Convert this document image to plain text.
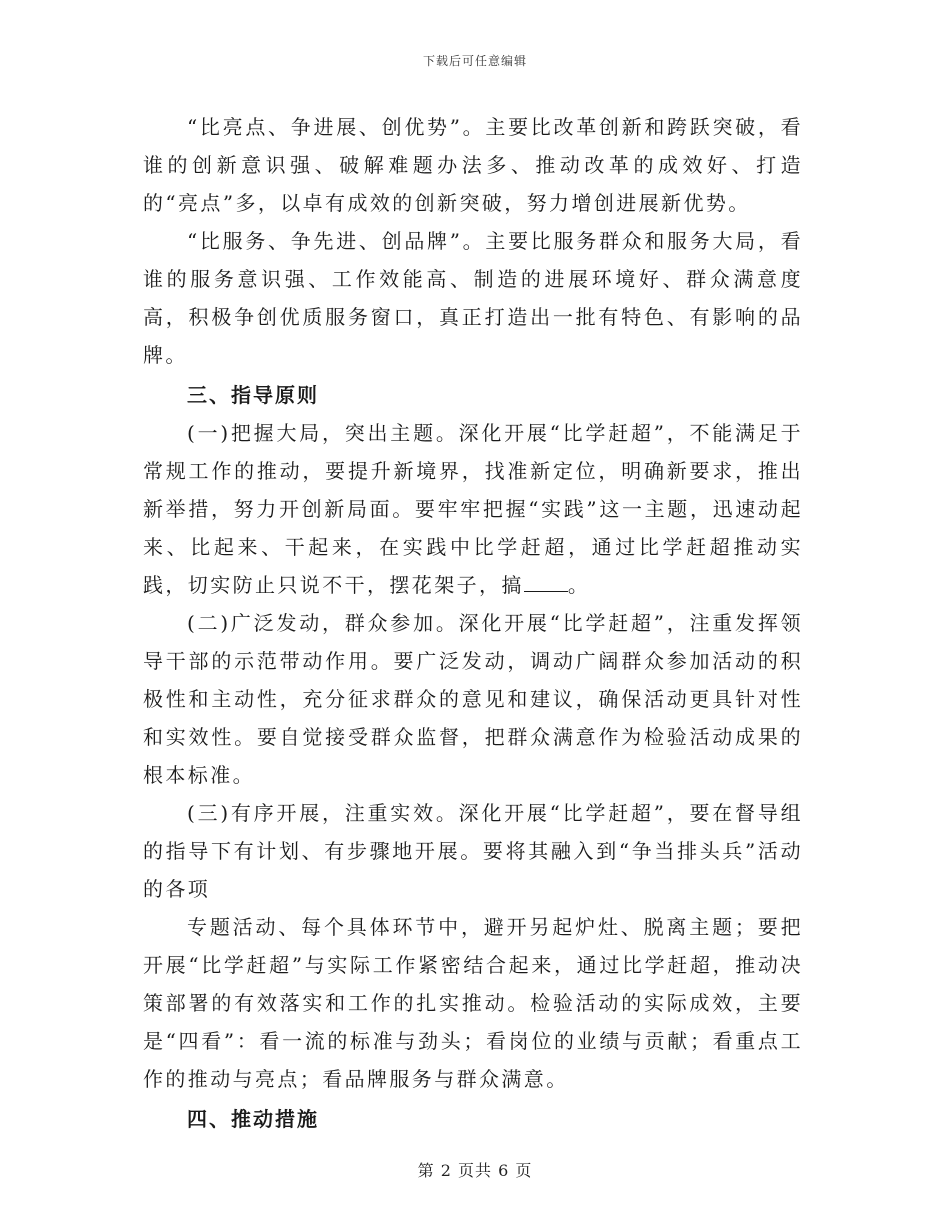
下载后可任意编辑

“比亮点、争进展、创优势”。主要比改革创新和跨跃突破，看谁的创新意识强、破解难题办法多、推动改革的成效好、打造的“亮点”多，以卓有成效的创新突破，努力增创进展新优势。

“比服务、争先进、创品牌”。主要比服务群众和服务大局，看谁的服务意识强、工作效能高、制造的进展环境好、群众满意度高，积极争创优质服务窗口，真正打造出一批有特色、有影响的品牌。

三、指导原则

(一)把握大局，突出主题。深化开展“比学赶超”，不能满足于常规工作的推动，要提升新境界，找准新定位，明确新要求，推出新举措，努力开创新局面。要牢牢把握“实践”这一主题，迅速动起来、比起来、干起来，在实践中比学赶超，通过比学赶超推动实践，切实防止只说不干，摆花架子，搞 。

(二)广泛发动，群众参加。深化开展“比学赶超”，注重发挥领导干部的示范带动作用。要广泛发动，调动广阔群众参加活动的积极性和主动性，充分征求群众的意见和建议，确保活动更具针对性和实效性。要自觉接受群众监督，把群众满意作为检验活动成果的根本标准。

(三)有序开展，注重实效。深化开展“比学赶超”，要在督导组的指导下有计划、有步骤地开展。要将其融入到“争当排头兵”活动的各项

专题活动、每个具体环节中，避开另起炉灶、脱离主题；要把开展“比学赶超”与实际工作紧密结合起来，通过比学赶超，推动决策部署的有效落实和工作的扎实推动。检验活动的实际成效，主要是“四看”：看一流的标准与劲头；看岗位的业绩与贡献；看重点工作的推动与亮点；看品牌服务与群众满意。

四、推动措施

第 2 页共 6 页
